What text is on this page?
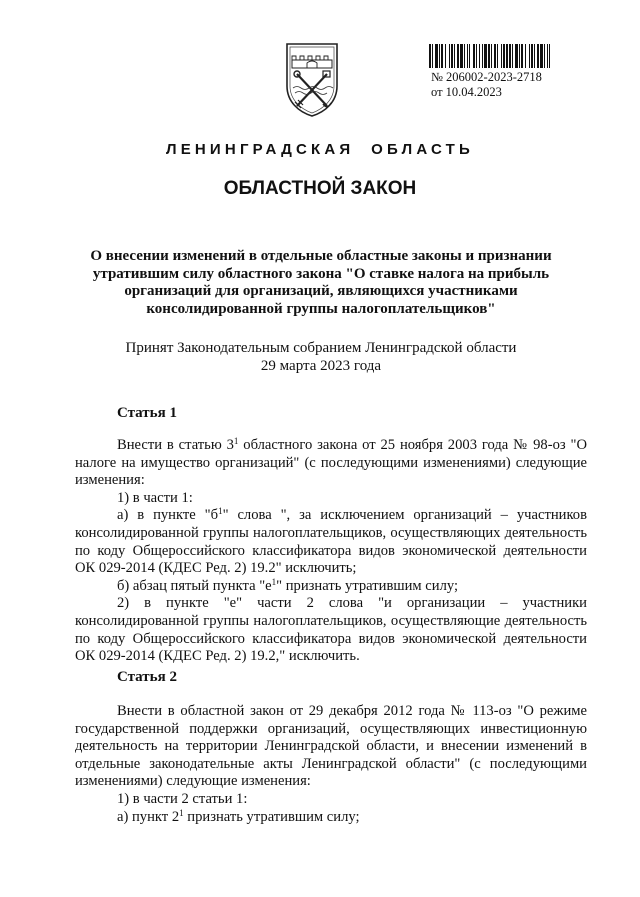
№ 206002-2023-2718
от 10.04.2023
ЛЕНИНГРАДСКАЯ  ОБЛАСТЬ
ОБЛАСТНОЙ ЗАКОН
О внесении изменений в отдельные областные законы и признании
утратившим силу областного закона "О ставке налога на прибыль
организаций для организаций, являющихся участниками
консолидированной группы налогоплательщиков"
Принят Законодательным собранием Ленинградской области
29 марта 2023 года
Статья 1

Внести в статью $3^1$ областного закона от 25 ноября 2003 года № 98-оз "О налоге на имущество организаций" (с последующими изменениями) следующие изменения:

1) в части 1:

а) в пункте "$б^1$" слова ", за исключением организаций – участников консолидированной группы налогоплательщиков, осуществляющих деятельность по коду Общероссийского классификатора видов экономической деятельности ОК 029-2014 (КДЕС Ред. 2) 19.2" исключить;

б) абзац пятый пункта "$е^1$" признать утратившим силу;

2) в пункте "е" части 2 слова "и организации – участники консолидированной группы налогоплательщиков, осуществляющие деятельность по коду Общероссийского классификатора видов экономической деятельности ОК 029-2014 (КДЕС Ред. 2) 19.2," исключить.

Статья 2

Внести в областной закон от 29 декабря 2012 года № 113-оз "О режиме государственной поддержки организаций, осуществляющих инвестиционную деятельность на территории Ленинградской области, и внесении изменений в отдельные законодательные акты Ленинградской области" (с последующими изменениями) следующие изменения:

1) в части 2 статьи 1:

а) пункт $2^1$ признать утратившим силу;
